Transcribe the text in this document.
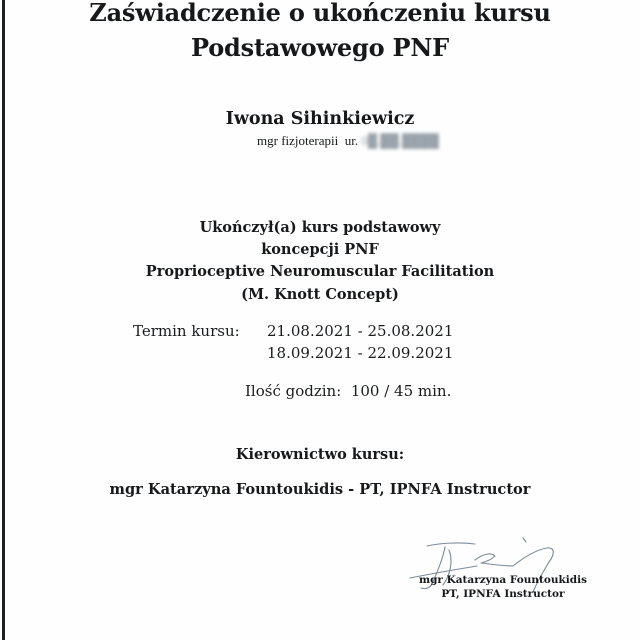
Zaświadczenie o ukończeniu kursu
Podstawowego PNF
Iwona Sihinkiewicz
mgr fizjoterapii  ur. 0█.██.████
Ukończył(a) kurs podstawowy
koncepcji PNF
Proprioceptive Neuromuscular Facilitation
(M. Knott Concept)
Termin kursu: 21.08.2021 - 25.08.2021
18.09.2021 - 22.09.2021
Ilość godzin: 100 / 45 min.
Kierownictwo kursu:
mgr Katarzyna Fountoukidis - PT, IPNFA Instructor
mgr Katarzyna Fountoukidis
PT, IPNFA Instructor
